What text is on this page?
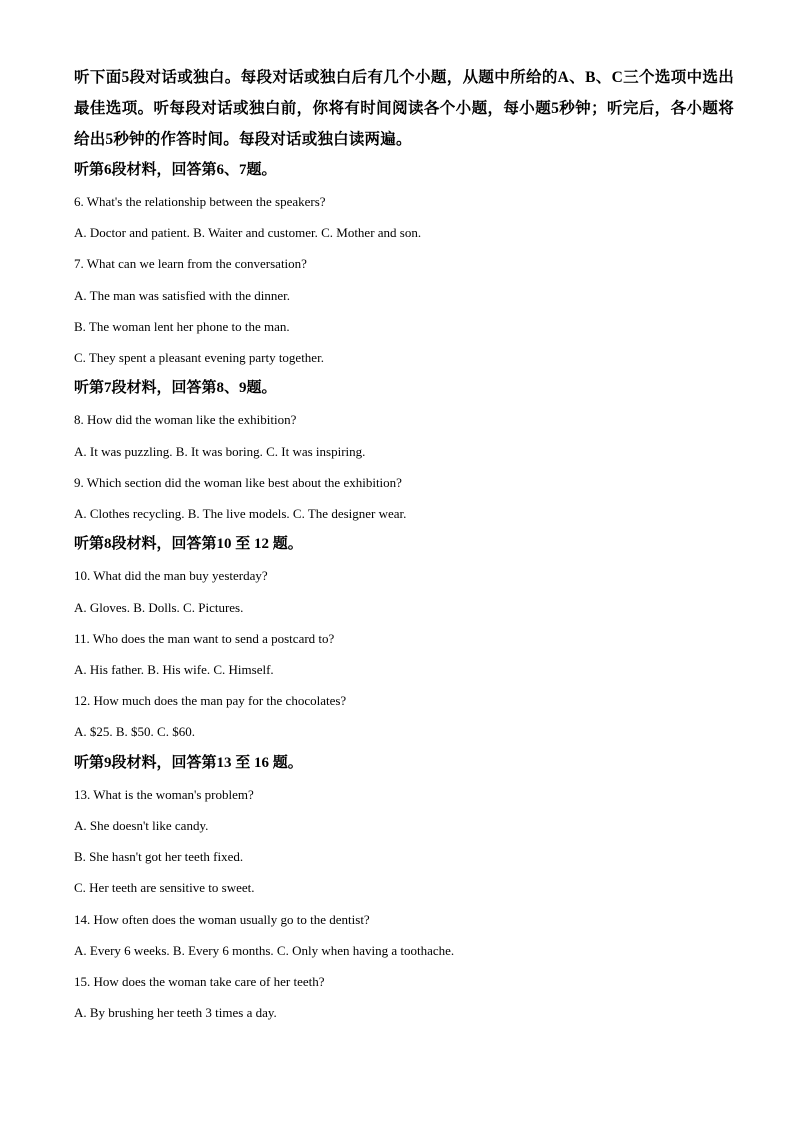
听下面5段对话或独白。每段对话或独白后有几个小题，从题中所给的A、B、C三个选项中选出最佳选项。听每段对话或独白前，你将有时间阅读各个小题，每小题5秒钟；听完后，各小题将给出5秒钟的作答时间。每段对话或独白读两遍。
听第6段材料，回答第6、7题。
6. What's the relationship between the speakers?
A. Doctor and patient. B. Waiter and customer. C. Mother and son.
7. What can we learn from the conversation?
A. The man was satisfied with the dinner.
B. The woman lent her phone to the man.
C. They spent a pleasant evening party together.
听第7段材料，回答第8、9题。
8. How did the woman like the exhibition?
A. It was puzzling. B. It was boring. C. It was inspiring.
9. Which section did the woman like best about the exhibition?
A. Clothes recycling. B. The live models. C. The designer wear.
听第8段材料，回答第10 至 12 题。
10. What did the man buy yesterday?
A. Gloves. B. Dolls. C. Pictures.
11. Who does the man want to send a postcard to?
A. His father. B. His wife. C. Himself.
12. How much does the man pay for the chocolates?
A. $25. B. $50. C. $60.
听第9段材料，回答第13 至 16 题。
13. What is the woman's problem?
A. She doesn't like candy.
B. She hasn't got her teeth fixed.
C. Her teeth are sensitive to sweet.
14. How often does the woman usually go to the dentist?
A. Every 6 weeks. B. Every 6 months. C. Only when having a toothache.
15. How does the woman take care of her teeth?
A. By brushing her teeth 3 times a day.
